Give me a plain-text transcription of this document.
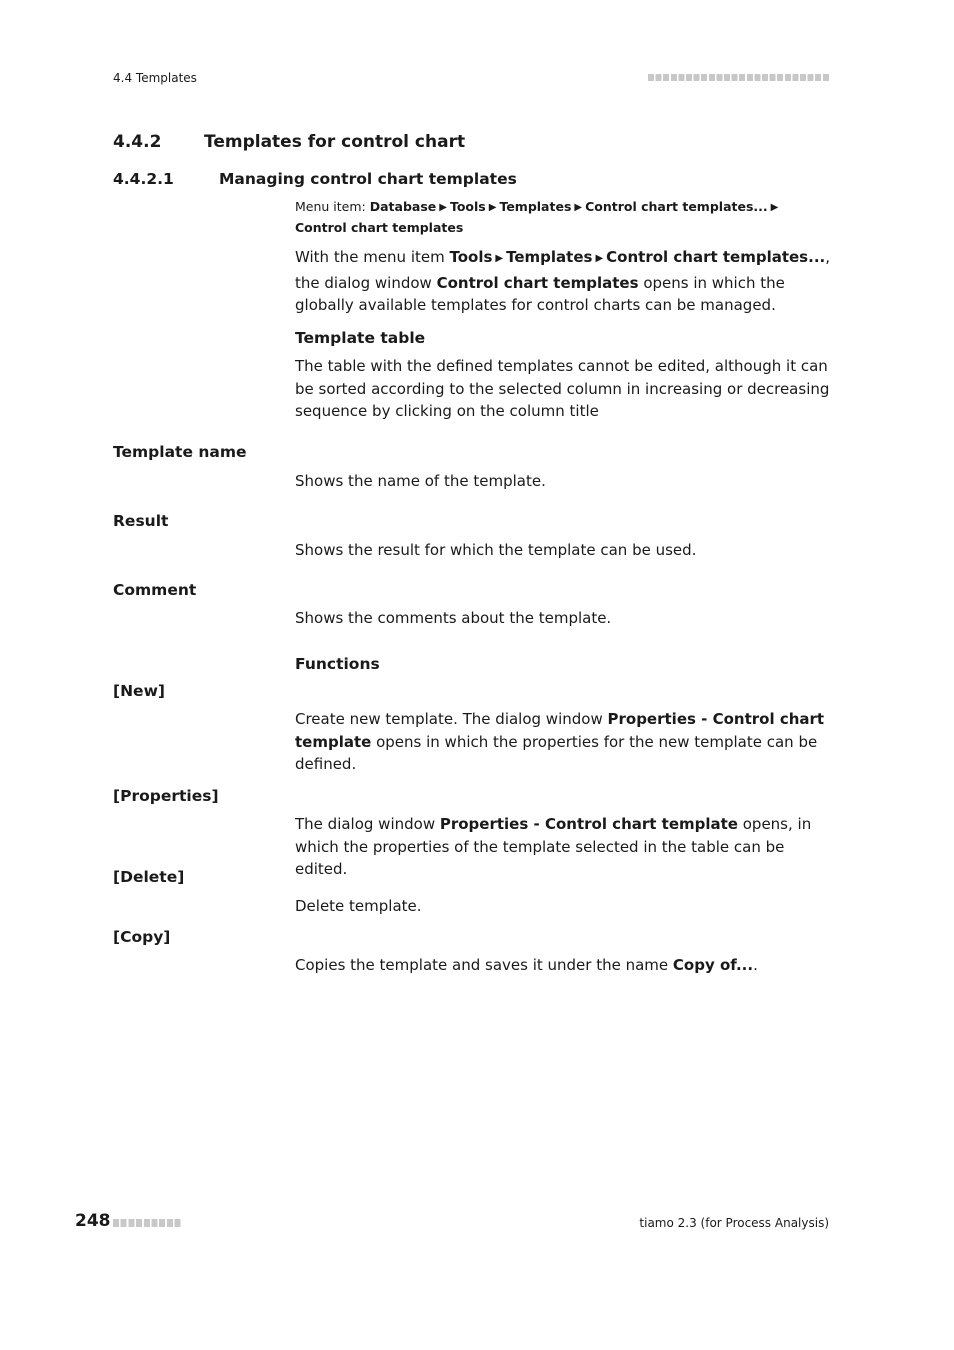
4.4 Templates
4.4.2	Templates for control chart
4.4.2.1	Managing control chart templates
Menu item: Database ▶ Tools ▶ Templates ▶ Control chart templates... ▶Control chart templates
With the menu item Tools ▶ Templates ▶ Control chart templates..., the dialog window Control chart templates opens in which the globally available templates for control charts can be managed.
Template table
The table with the defined templates cannot be edited, although it can be sorted according to the selected column in increasing or decreasing sequence by clicking on the column title
Template name
Shows the name of the template.
Result
Shows the result for which the template can be used.
Comment
Shows the comments about the template.
Functions
[New]
Create new template. The dialog window Properties - Control chart template opens in which the properties for the new template can be defined.
[Properties]
The dialog window Properties - Control chart template opens, in which the properties of the template selected in the table can be edited.
[Delete]
Delete template.
[Copy]
Copies the template and saves it under the name Copy of....
248	tiamo 2.3 (for Process Analysis)
